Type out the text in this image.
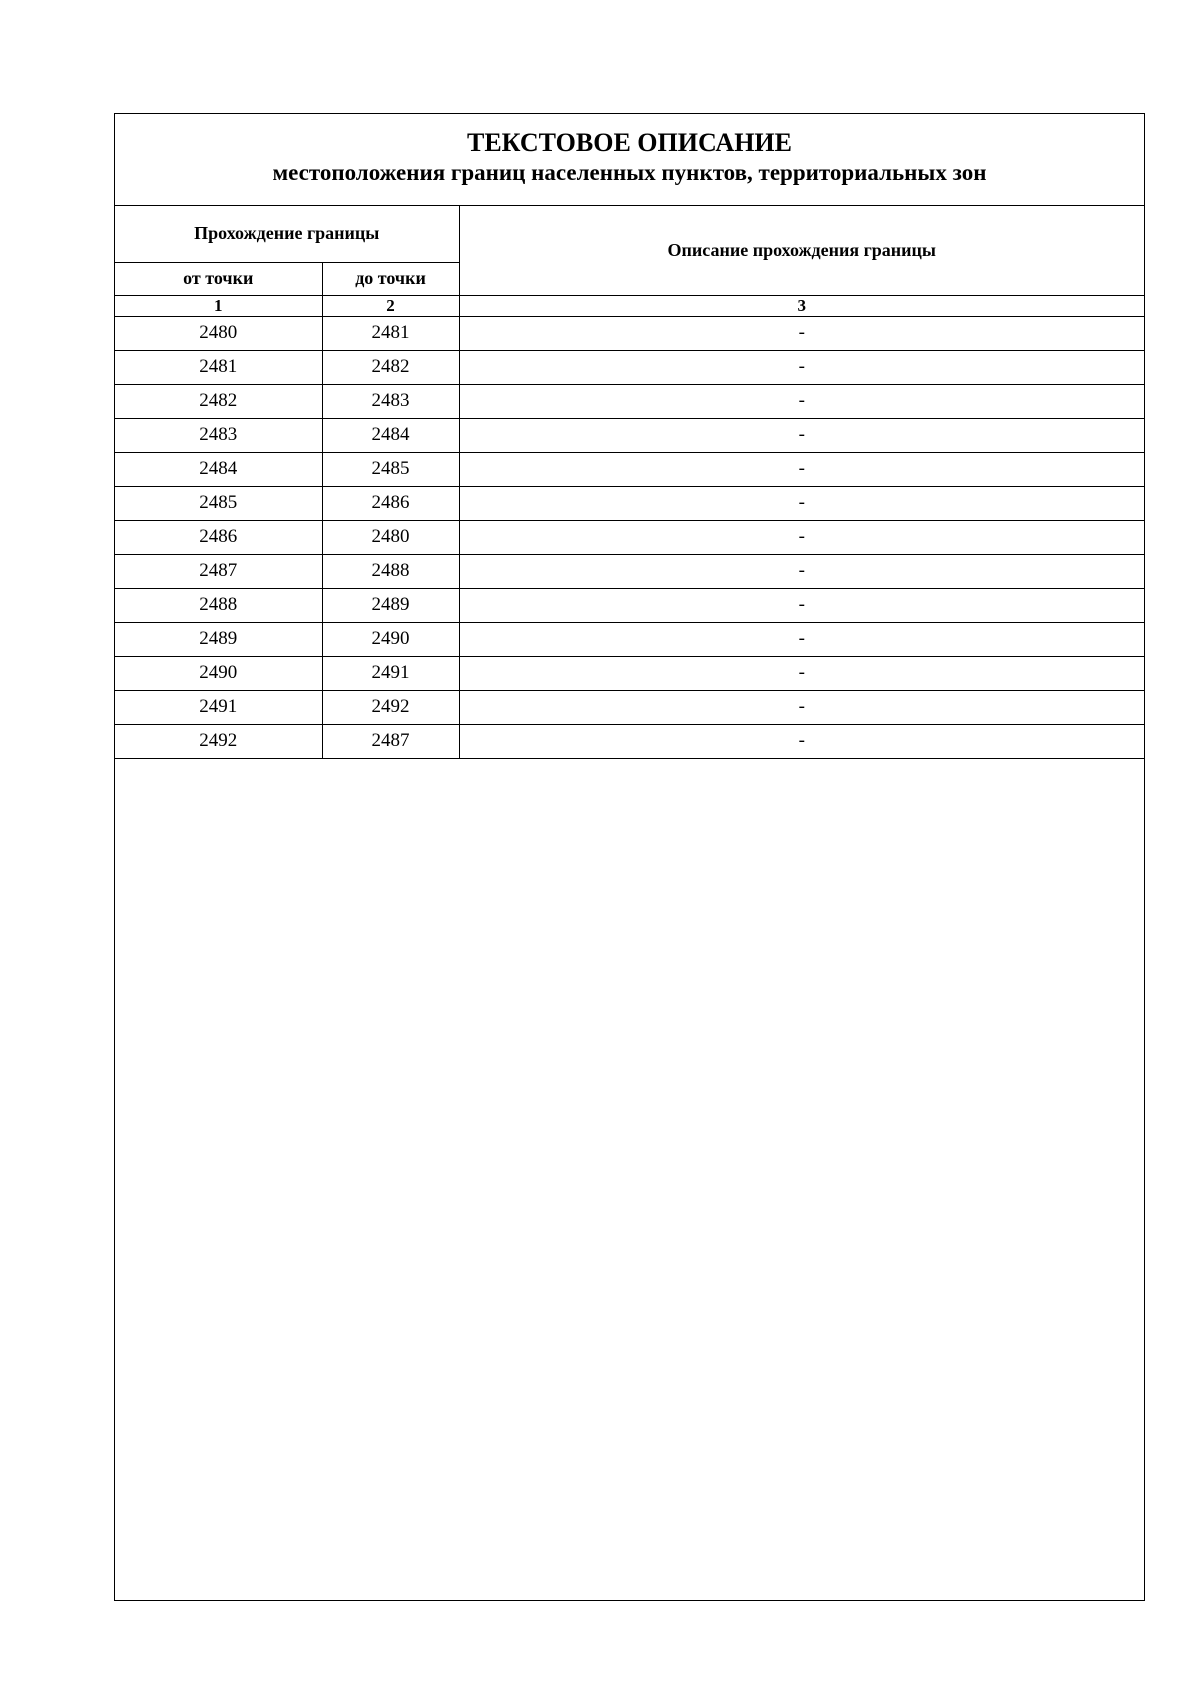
ТЕКСТОВОЕ ОПИСАНИЕ
местоположения границ населенных пунктов, территориальных зон
Прохождение границы		Описание прохождения границы
от точки	до точки	
1	2	3
2480	2481	-
2481	2482	-
2482	2483	-
2483	2484	-
2484	2485	-
2485	2486	-
2486	2480	-
2487	2488	-
2488	2489	-
2489	2490	-
2490	2491	-
2491	2492	-
2492	2487	-
